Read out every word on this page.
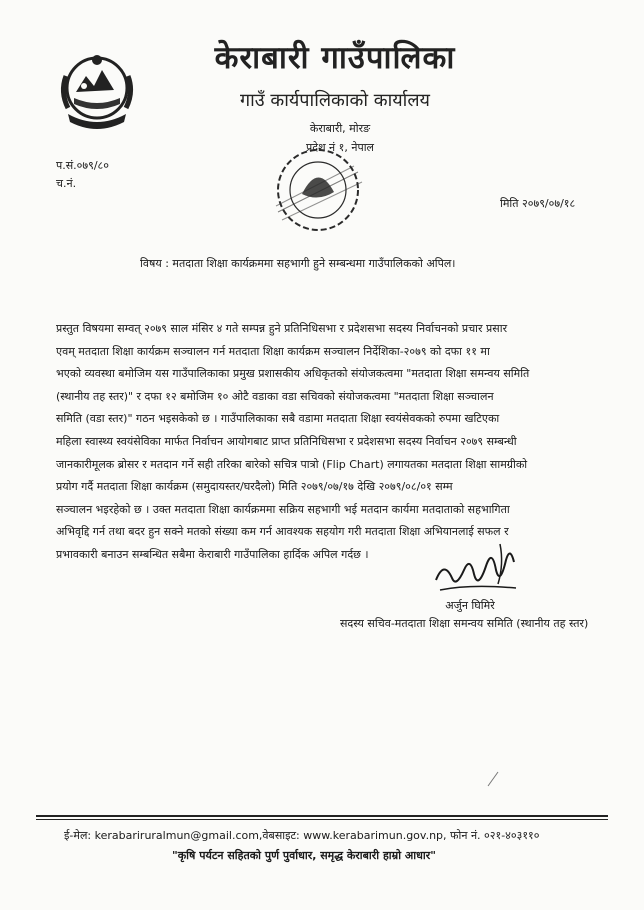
केराबारी गाउँपालिका
गाउँ कार्यपालिकाको कार्यालय
केराबारी, मोरङ
प्रदेश नं १, नेपाल
प.सं.०७९/८०
च.नं.
मिति २०७९/०७/१८
विषय : मतदाता शिक्षा कार्यक्रममा सहभागी हुने सम्बन्धमा गाउँपालिकको अपिल।
प्रस्तुत विषयमा सम्वत् २०७९ साल मंसिर ४ गते सम्पन्न हुने प्रतिनिधिसभा र प्रदेशसभा सदस्य निर्वाचनको प्रचार प्रसार
एवम् मतदाता शिक्षा कार्यक्रम सञ्चालन गर्न मतदाता शिक्षा कार्यक्रम सञ्चालन निर्देशिका-२०७९ को दफा ११ मा
भएको व्यवस्था बमोजिम यस गाउँपालिकाका प्रमुख प्रशासकीय अधिकृतको संयोजकत्वमा "मतदाता शिक्षा समन्वय समिति
(स्थानीय तह स्तर)" र दफा १२ बमोजिम १० ओटै वडाका वडा सचिवको संयोजकत्वमा "मतदाता शिक्षा सञ्चालन
समिति (वडा स्तर)" गठन भइसकेको छ । गाउँपालिकाका सबै वडामा मतदाता शिक्षा स्वयंसेवकको रुपमा खटिएका
महिला स्वास्थ्य स्वयंसेविका मार्फत निर्वाचन आयोगबाट प्राप्त प्रतिनिधिसभा र प्रदेशसभा सदस्य निर्वाचन २०७९ सम्बन्धी
जानकारीमूलक ब्रोसर र मतदान गर्ने सही तरिका बारेको सचित्र पात्रो (Flip Chart) लगायतका मतदाता शिक्षा सामग्रीको
प्रयोग गर्दै मतदाता शिक्षा कार्यक्रम (समुदायस्तर/घरदैलो) मिति २०७९/०७/१७ देखि २०७९/०८/०१ सम्म
सञ्चालन भइरहेको छ । उक्त मतदाता शिक्षा कार्यक्रममा सक्रिय सहभागी भई मतदान कार्यमा मतदाताको सहभागिता
अभिवृद्दि गर्न तथा बदर हुन सक्ने मतको संख्या कम गर्न आवश्यक सहयोग गरी मतदाता शिक्षा अभियानलाई सफल र
प्रभावकारी बनाउन सम्बन्धित सबैमा केराबारी गाउँपालिका हार्दिक अपिल गर्दछ ।
अर्जुन घिमिरे
सदस्य सचिव-मतदाता शिक्षा समन्वय समिति (स्थानीय तह स्तर)
ई-मेल: kerabariruralmun@gmail.com,वेबसाइट: www.kerabarimun.gov.np, फोन नं. ०२१-४०३११०
"कृषि पर्यटन सहितको पुर्ण पुर्वाधार, समृद्ध केराबारी हाम्रो आधार"
